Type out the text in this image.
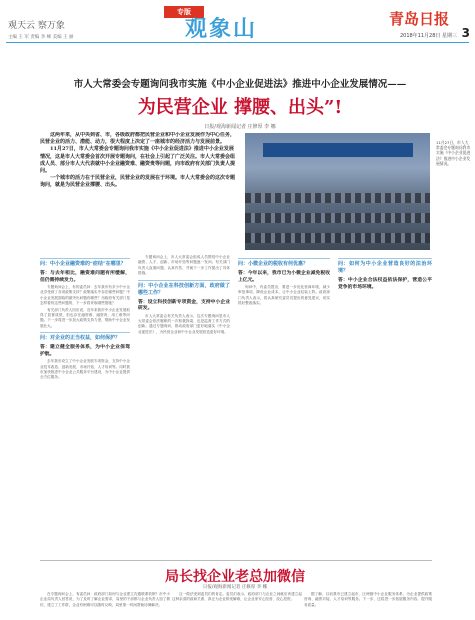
观天云 察万象
专版
观象山	青岛日报
2018年11月28日 星期三 3
主编 王 军 责编 李 峰 美编 王 丽
市人大常委会专题询问我市实施《中小企业促进法》推进中小企业发展情况——
为民营企业 撑腰、出头”!
日报/观海新闻记者 庄修厚 李 娜

这两年来，从中央到省、市，各级政府都把民营企业和中小企业发展作为中心任务，民营企业的活力、潜能、动力，很大程度上决定了一座城市的经济活力与发展前景。

11月27日，市人大常委会专题询问我市实施《中小企业促进法》推进中小企业发展情况，这是市人大常委会首次开展专题询问，在社会上引起了广泛关注。市人大常委会组成人员、部分市人大代表就中小企业融资难、融资贵等问题，向市政府有关部门负责人提问。

一个城市的活力在于民营企业，民营企业的发展在于环境。市人大常委会的这次专题询问，就是为民营企业撑腰、出头。

11月27日，市人大常委会专题询问我市实施《中小企业促进法》推进中小企业发展情况。
问：中小企业融资难的“症结”在哪里？
答：与去年相比，融资难问题有所缓解，但仍需持续发力。

专题询问会上，有的委员问：去年我市有多少中小企业享受到了各项政策支持？政策落实中存在哪些问题？中小企业发展面临的最突出问题有哪些？市政府有关部门是怎样看待这些问题的，下一步将采取哪些措施？

有关部门负责人回应说，近年来我市中小企业发展取得了显著成绩，但也存在融资难、融资贵、用工难等问题。下一步将进一步加大政策支持力度，帮助中小企业发展壮大。

问：对企业的正当权益，如何保护？
答：建立健全服务体系，为中小企业保驾护航。

去年我市设立了中小企业发展专项资金，支持中小企业技术改造、创新发展、市场开拓、人才培训等。同时我市加快推进中小企业公共服务平台建设，为中小企业提供全方位服务。

专题询问会上，市人大常委会组成人员围绕中小企业融资、人才、创新、市场开拓等问题逐一发问。有关部门负责人直面问题，认真作答，并就下一步工作提出了具体措施。

问：中小企业在科技创新方面，政府做了哪些工作？
答：设立科技创新专项资金，支持中小企业研发。

市人大常委会有关负责人表示，这次专题询问是市人大常委会依法履职的一次积极探索，也是监督工作方式的创新。通过专题询问，推动政府部门更好地落实《中小企业促进法》，为民营企业和中小企业发展营造更好环境。

问：小微企业的税收有何优惠？
答：今年以来，我市已为小微企业减免税收上亿元。

询问中，有委员提出，要进一步优化营商环境，减少审批事项，降低企业成本，让中小企业轻装上阵。政府部门负责人表示，将认真研究委员们提出的意见建议，切实抓好整改落实。

问：如何为中小企业营造良好的法治环境？
答：中小企业合法权益依法保护，营造公平竞争的市场环境。
局长找企业老总加微信
日报/观海新闻记者 庄修厚 李 娜

在专题询问会上，有委员问：政府部门如何与企业建立沟通联系机制？市中小企业局负责人回答说，为了及时了解企业需求，局里的干部都与企业负责人加了微信，建立了工作群，企业有困难可以随时反映，局里第一时间帮助协调解决。

这一做法受到委员们的肯定。委员们表示，政府部门与企业之间就应该建立起这种亲清的政商关系，真正为企业排忧解难，让企业家安心经营、放心投资。

据了解，目前我市已建立起市、区两级中小企业服务体系，为企业提供政策咨询、融资对接、人才培训等服务。下一步，还将进一步拓展服务内容，提升服务质量。
